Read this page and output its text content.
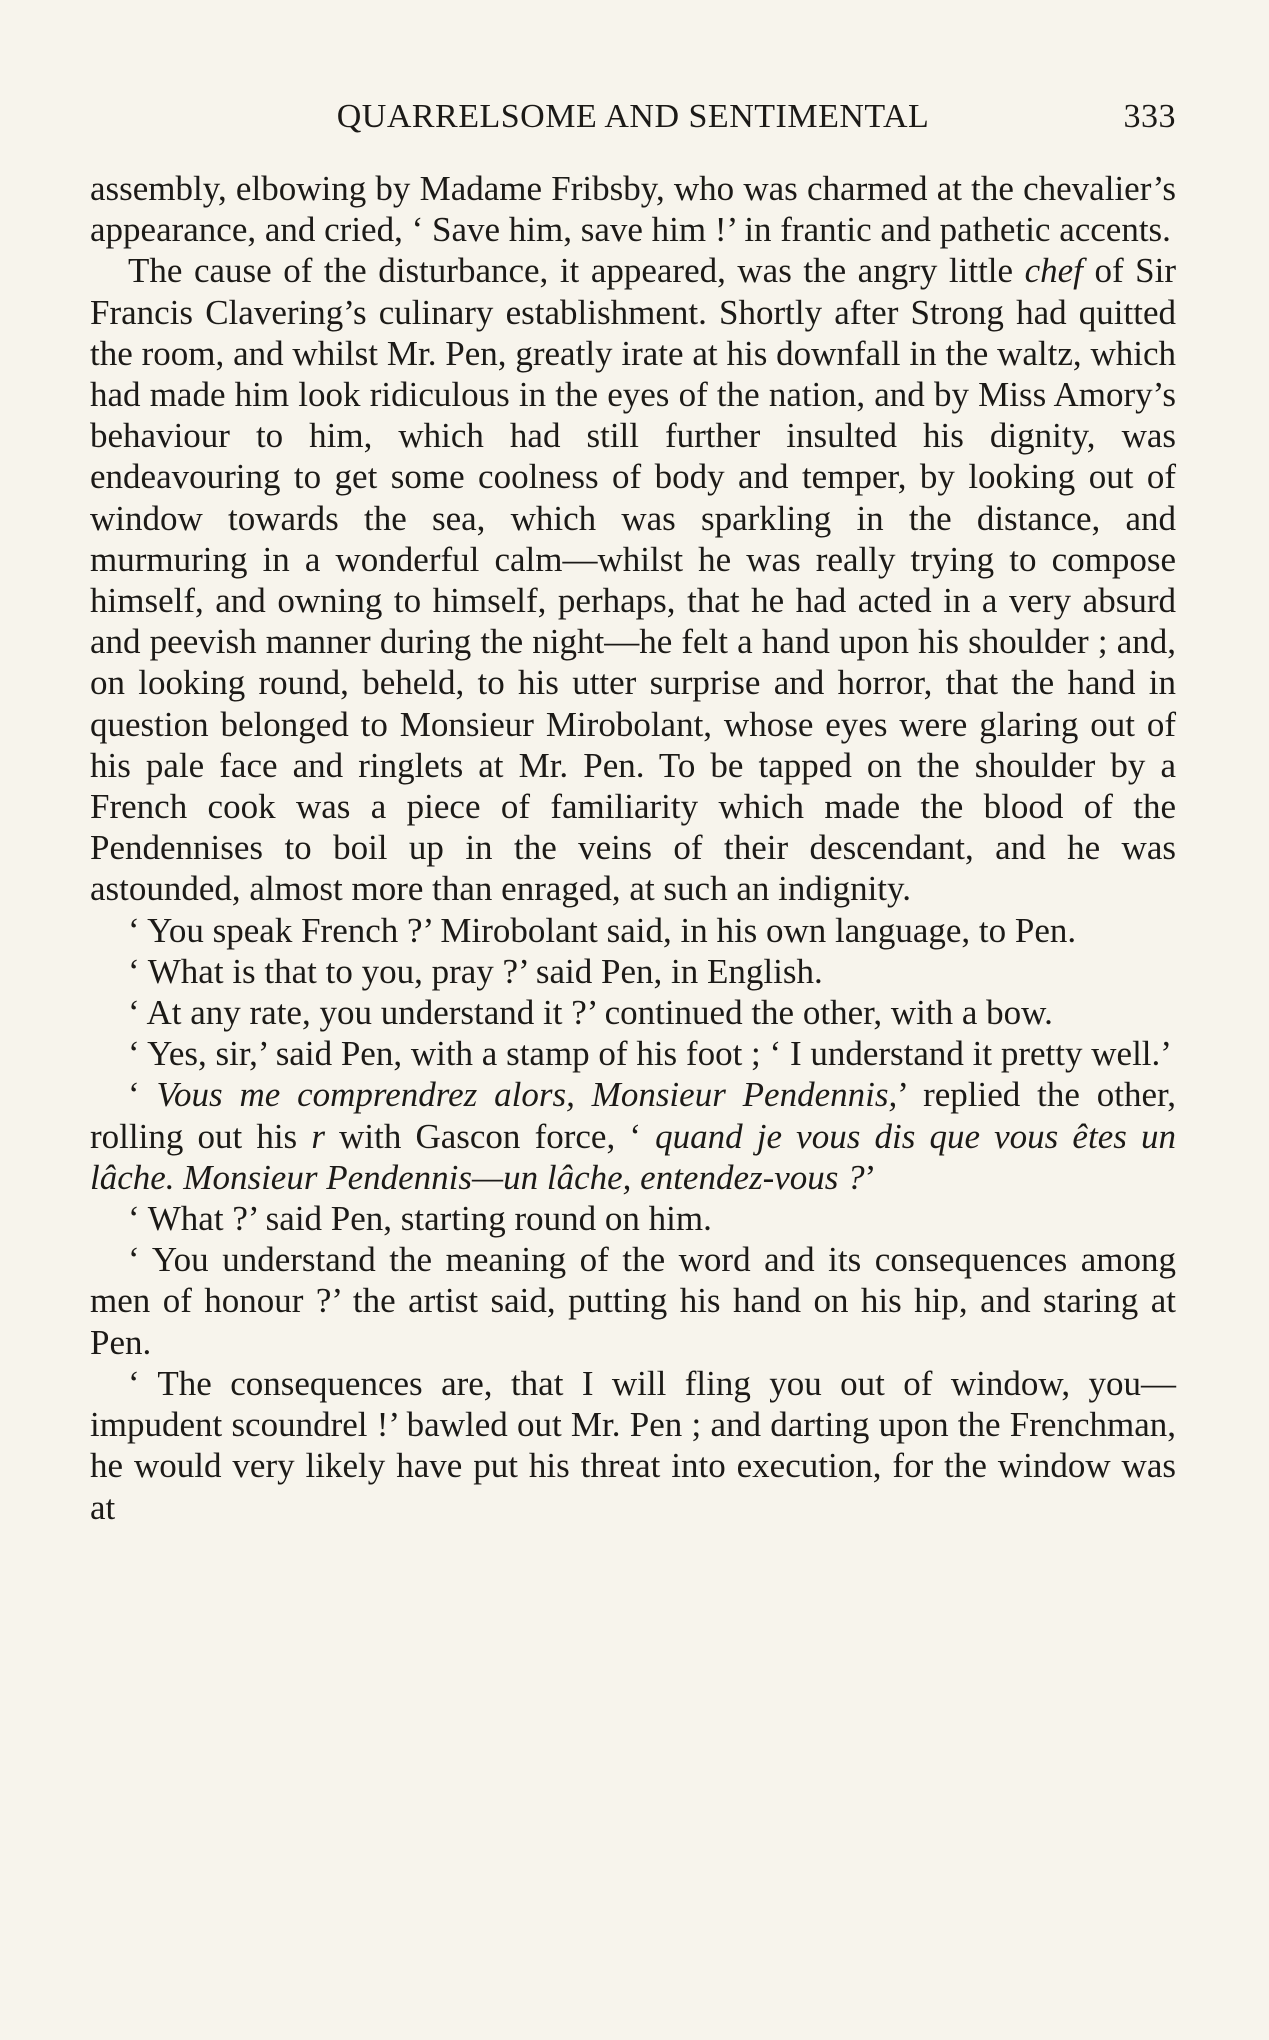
QUARRELSOME AND SENTIMENTAL	333

assembly, elbowing by Madame Fribsby, who was charmed at the chevalier’s appearance, and cried, ‘ Save him, save him !’ in frantic and pathetic accents.

The cause of the disturbance, it appeared, was the angry little chef of Sir Francis Clavering’s culinary establishment. Shortly after Strong had quitted the room, and whilst Mr. Pen, greatly irate at his downfall in the waltz, which had made him look ridiculous in the eyes of the nation, and by Miss Amory’s behaviour to him, which had still further insulted his dignity, was endeavouring to get some coolness of body and temper, by looking out of window towards the sea, which was sparkling in the distance, and murmuring in a wonderful calm—whilst he was really trying to compose himself, and owning to himself, perhaps, that he had acted in a very absurd and peevish manner during the night—he felt a hand upon his shoulder ; and, on looking round, beheld, to his utter surprise and horror, that the hand in question belonged to Monsieur Mirobolant, whose eyes were glaring out of his pale face and ringlets at Mr. Pen. To be tapped on the shoulder by a French cook was a piece of familiarity which made the blood of the Pendennises to boil up in the veins of their descendant, and he was astounded, almost more than enraged, at such an indignity.

‘ You speak French ?’ Mirobolant said, in his own language, to Pen.

‘ What is that to you, pray ?’ said Pen, in English.

‘ At any rate, you understand it ?’ continued the other, with a bow.

‘ Yes, sir,’ said Pen, with a stamp of his foot ; ‘ I understand it pretty well.’

‘ Vous me comprendrez alors, Monsieur Pendennis,’ replied the other, rolling out his r with Gascon force, ‘ quand je vous dis que vous êtes un lâche. Monsieur Pendennis—un lâche, entendez-vous ?’

‘ What ?’ said Pen, starting round on him.

‘ You understand the meaning of the word and its consequences among men of honour ?’ the artist said, putting his hand on his hip, and staring at Pen.

‘ The consequences are, that I will fling you out of window, you—impudent scoundrel !’ bawled out Mr. Pen ; and darting upon the Frenchman, he would very likely have put his threat into execution, for the window was at
